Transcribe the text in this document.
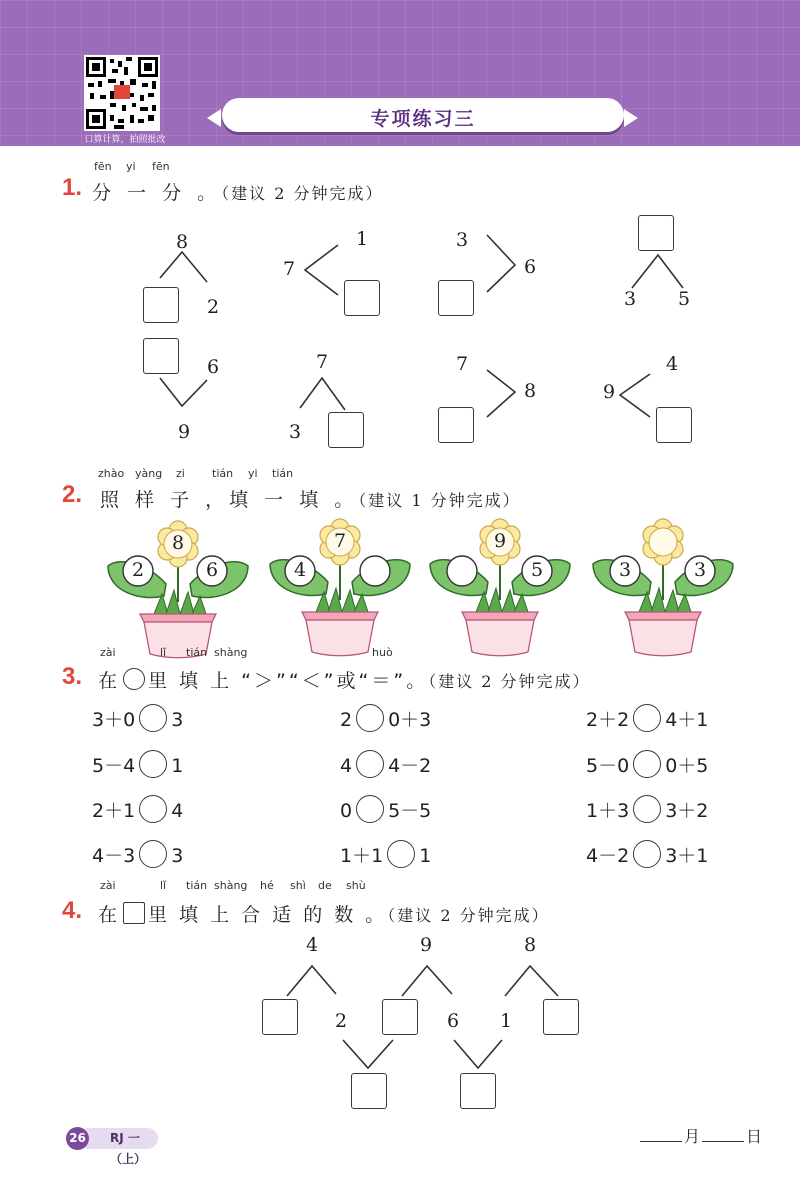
口算计算，拍照批改
专项练习三
fēn yi fēn
1. 分 一 分 。（建议 2 分钟完成）
8
2
7
1	3
6
3 5
6
9
7
3
7
8	9
4
zhào yàng zi tián yi tián
2. 照 样 子 ，填 一 填 。（建议 1 分钟完成）
8
2	6
7
4
9
5	3	3
zài	lǐ tián shàng	huò
3. 在 里 填 上 “＞”“＜”或“＝”。（建议 2 分钟完成）
3＋0 3	2 0＋3	2＋2 4＋1
5－4 1	4 4－2	5－0 0＋5
2＋1 4	0 5－5	1＋3 3＋2
4－3 3	1＋1 1	4－2 3＋1
zài	lǐ tián shàng hé shì de shù
4. 在 里 填 上 合 适 的 数 。（建议 2 分钟完成）
4	9	8
2	6 1
RJ 一（上）
26	月	日
